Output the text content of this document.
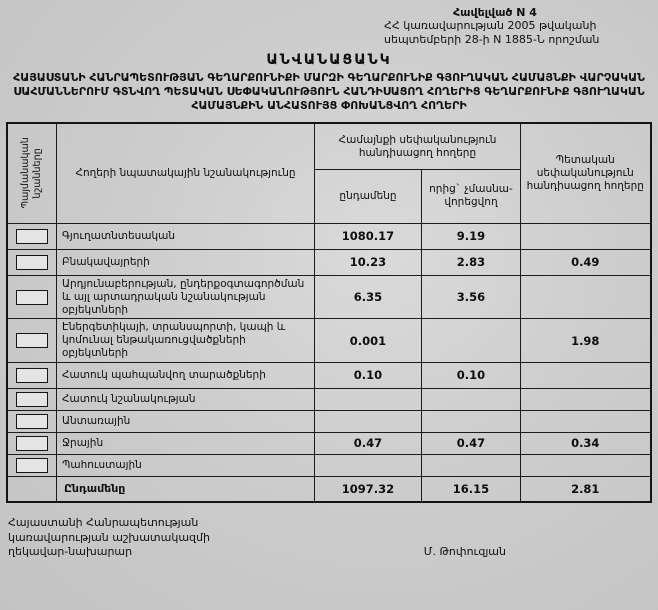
Հավելված N 4
ՀՀ կառավարության 2005 թվականի
սեպտեմբերի 28-ի N 1885-Ն որոշման
ԱՆՎԱՆԱՑԱՆԿ
ՀԱՅԱՍՏԱՆԻ ՀԱՆՐԱՊԵՏՈՒԹՅԱՆ ԳԵՂԱՐՔՈՒՆԻՔԻ ՄԱՐԶԻ ԳԵՂԱՐՔՈՒՆԻՔ ԳՅՈՒՂԱԿԱՆ ՀԱՄԱՅՆՔԻ ՎԱՐՉԱԿԱՆ ՍԱՀՄԱՆՆԵՐՈՒՄ ԳՏՆՎՈՂ ՊԵՏԱԿԱՆ ՍԵՓԱԿԱՆՈՒԹՅՈՒՆ ՀԱՆԴԻՍԱՑՈՂ ՀՈՂԵՐԻՑ ԳԵՂԱՐՔՈՒՆԻՔ ԳՅՈՒՂԱԿԱՆ ՀԱՄԱՅՆՔԻՆ ԱՆՀԱՏՈՒՅՑ ՓՈԽԱՆՑՎՈՂ ՀՈՂԵՐԻ
Պայմանական նշանները	Հողերի նպատակային նշանակությունը	Համայնքի սեփականություն հանդիսացող հողերը		Պետական սեփականություն հանդիսացող հողերը
		ընդամենը	որից` չմասնա-վորեցվող	

	Գյուղատնտեսական	1080.17	9.19	

	Բնակավայրերի	10.23	2.83	0.49

	Արդյունաբերության, ընդերքօգտագործման և այլ արտադրական նշանակության օբյեկտների	6.35	3.56	

	Էներգետիկայի, տրանսպորտի, կապի և կոմունալ ենթակառուցվածքների օբյեկտների	0.001		1.98

	Հատուկ պահպանվող տարածքների	0.10	0.10	

	Հատուկ նշանակության			

	Անտառային			

	Ջրային	0.47	0.47	0.34

	Պահուստային			
	Ընդամենը	1097.32	16.15	2.81
Հայաստանի Հանրապետության
կառավարության աշխատակազմի
ղեկավար-նախարար	Մ. Թոփուզյան
